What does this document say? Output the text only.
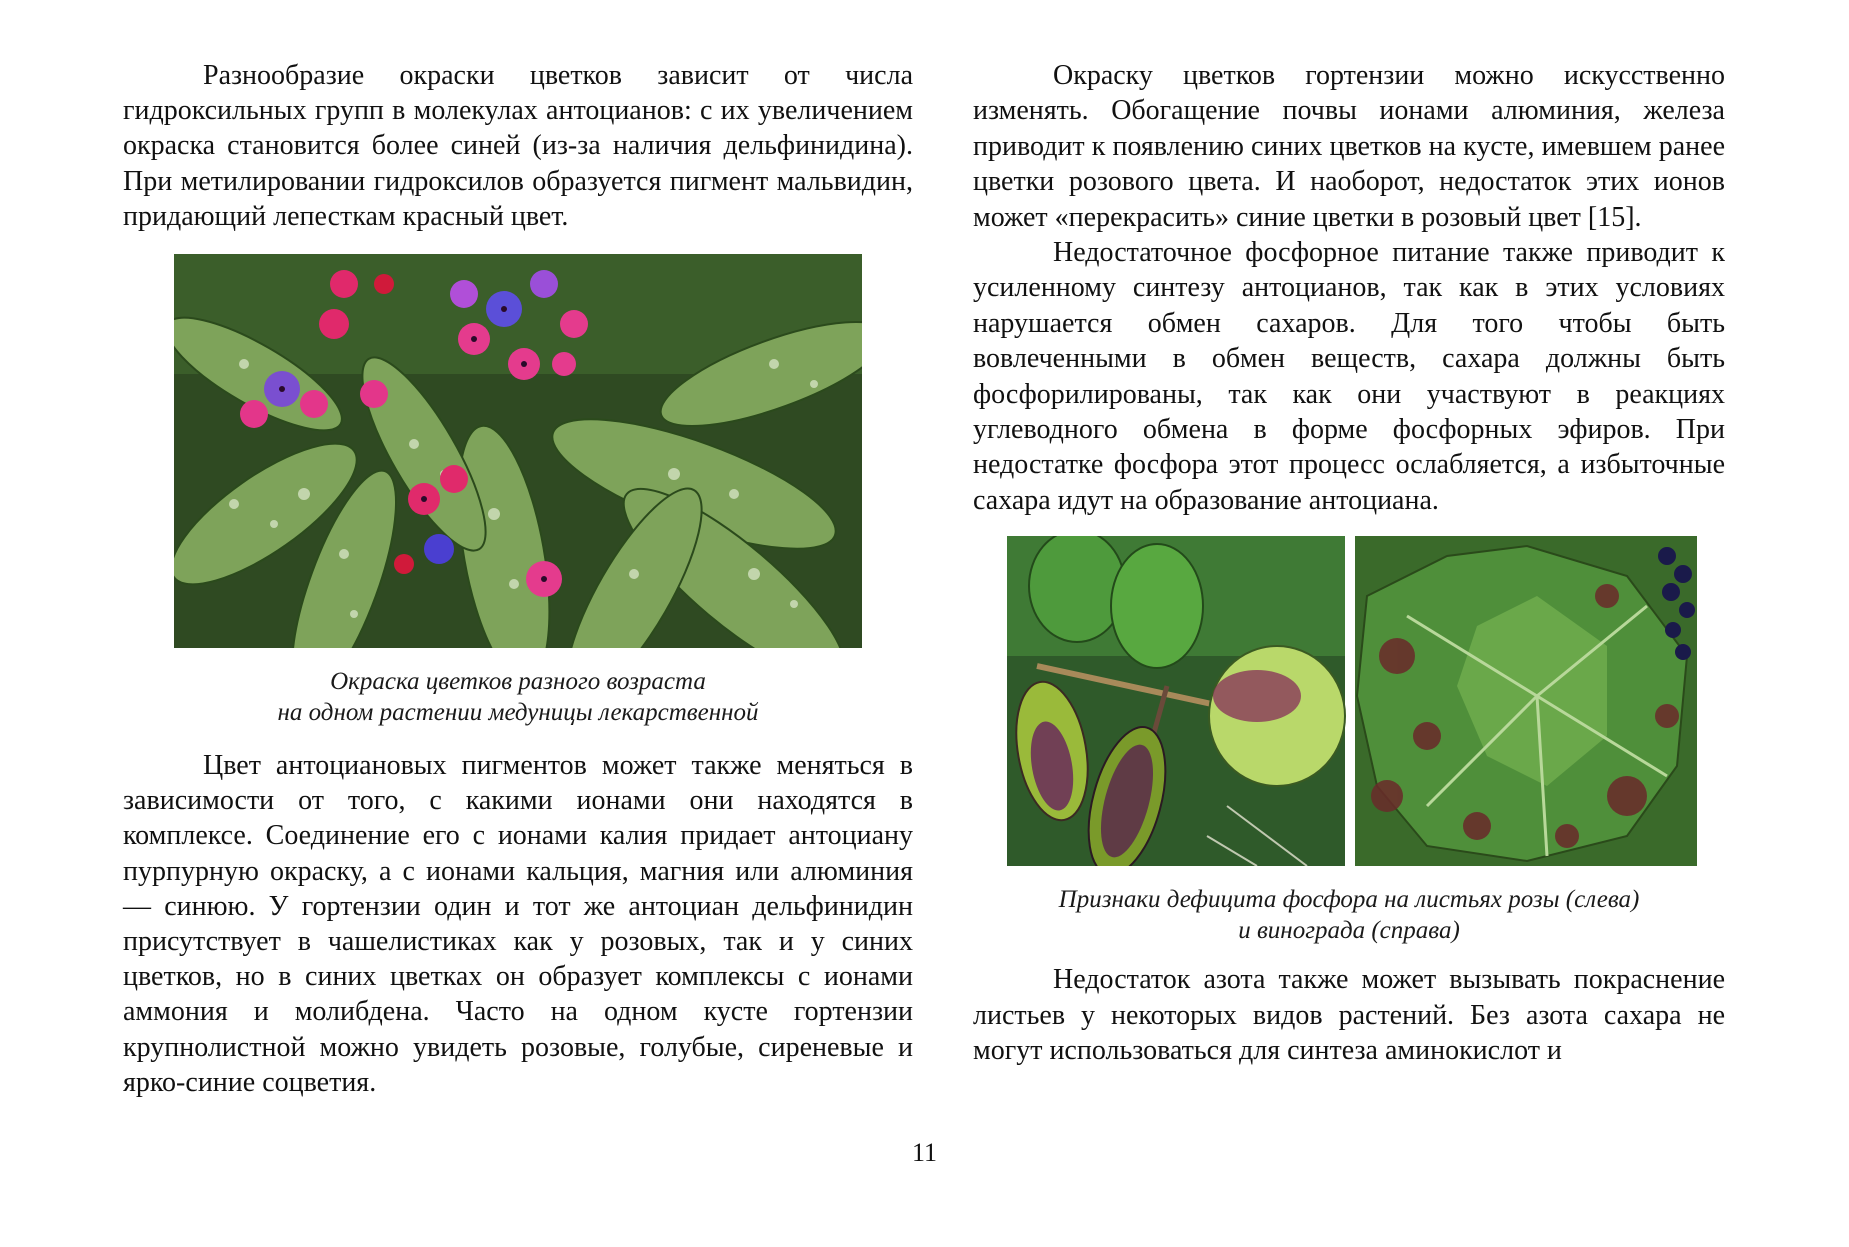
Разнообразие окраски цветков зависит от числа гидроксильных групп в молекулах антоцианов: с их увеличением окраска становится более синей (из-за наличия дельфинидина). При метилировании гидроксилов образуется пигмент мальвидин, придающий лепесткам красный цвет.

Окраска цветков разного возраста

на одном растении медуницы лекарственной

Цвет антоциановых пигментов может также меняться в зависимости от того, с какими ионами они находятся в комплексе. Соединение его с ионами калия придает антоциану пурпурную окраску, а с ионами кальция, магния или алюминия — синюю. У гортензии один и тот же антоциан дельфинидин присутствует в чашелистиках как у розовых, так и у синих цветков, но в синих цветках он образует комплексы с ионами аммония и молибдена. Часто на одном кусте гортензии крупнолистной можно увидеть розовые, голубые, сиреневые и ярко-синие соцветия.

Окраску цветков гортензии можно искусственно изменять. Обогащение почвы ионами алюминия, железа приводит к появлению синих цветков на кусте, имевшем ранее цветки розового цвета. И наоборот, недостаток этих ионов может «перекрасить» синие цветки в розовый цвет [15].

Недостаточное фосфорное питание также приводит к усиленному синтезу антоцианов, так как в этих условиях нарушается обмен сахаров. Для того чтобы быть вовлеченными в обмен веществ, сахара должны быть фосфорилированы, так как они участвуют в реакциях углеводного обмена в форме фосфорных эфиров. При недостатке фосфора этот процесс ослабляется, а избыточные сахара идут на образование антоциана.

Признаки дефицита фосфора на листьях розы (слева)

и винограда (справа)

Недостаток азота также может вызывать покраснение листьев у некоторых видов растений. Без азота сахара не могут использоваться для синтеза аминокислот и

11
